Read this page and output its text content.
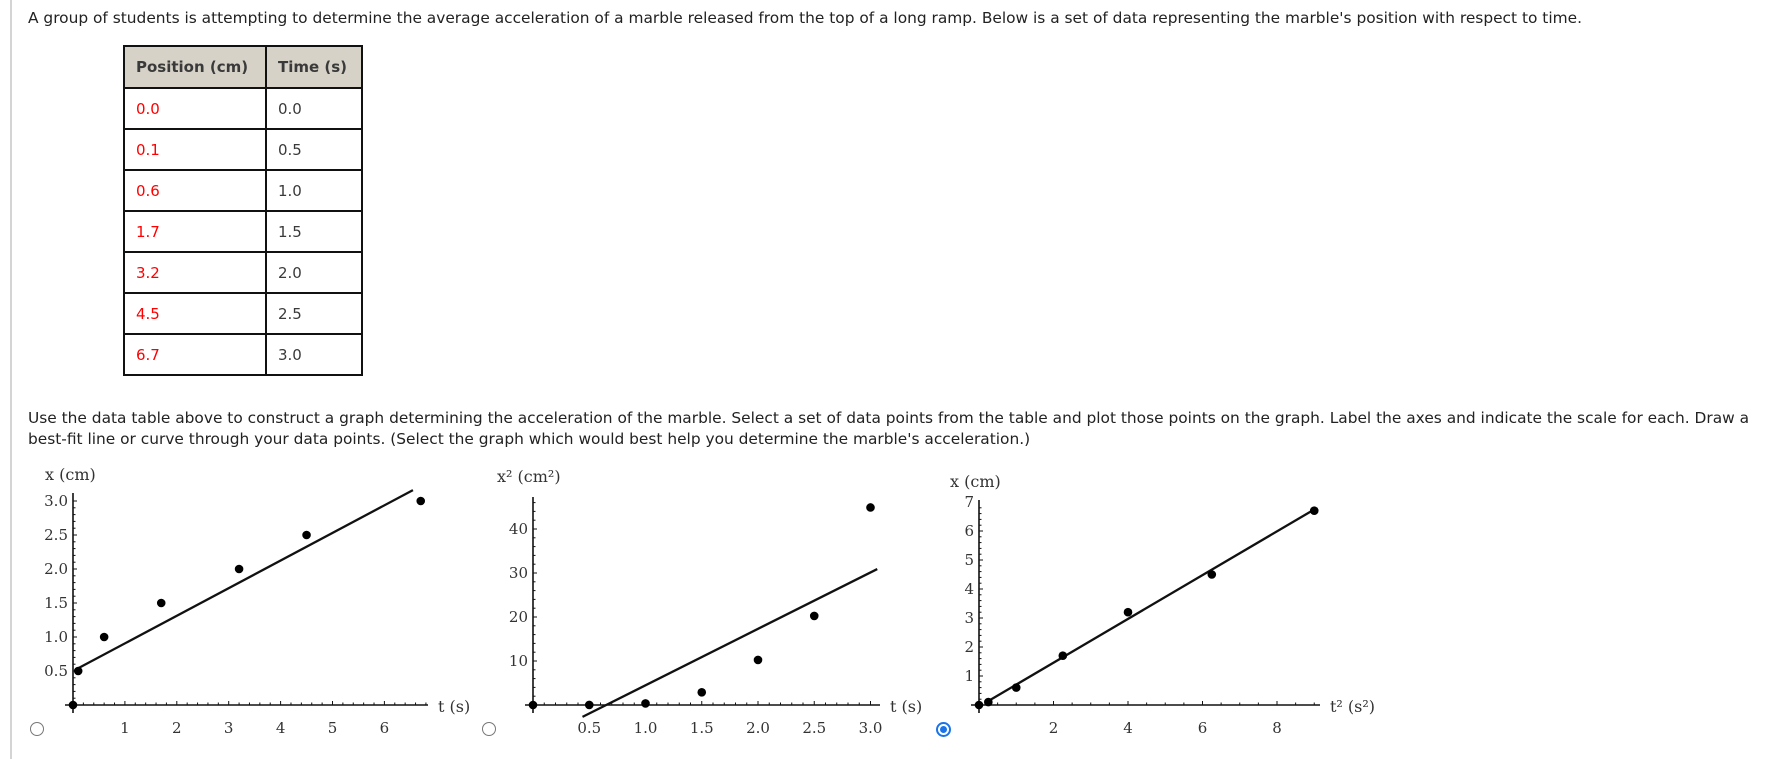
A group of students is attempting to determine the average acceleration of a marble released from the top of a long ramp. Below is a set of data representing the marble's position with respect to time.

Position (cm)	Time (s)
0.0	0.0
0.1	0.5
0.6	1.0
1.7	1.5
3.2	2.0
4.5	2.5
6.7	3.0

Use the data table above to construct a graph determining the acceleration of the marble. Select a set of data points from the table and plot those points on the graph. Label the axes and indicate the scale for each. Draw a best-fit line or curve through your data points. (Select the graph which would best help you determine the marble's acceleration.)

1	2	3	4	5	6
0.5
1.0
1.5
2.0
2.5
3.0
x (cm)
t (s)
0.5 1.0 1.5 2.0 2.5 3.0
10
20
30
40
x² (cm²)
t (s)
2	4	6	8
1
2
3
4
5
6
7
x (cm)
t² (s²)
